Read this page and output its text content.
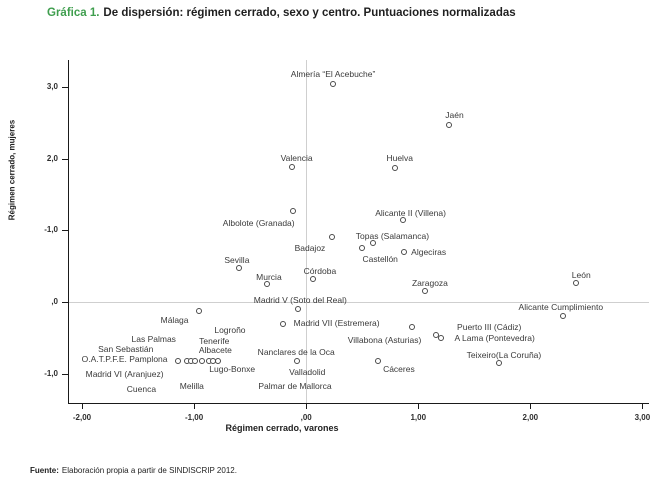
Gráfica 1. De dispersión: régimen cerrado, sexo y centro. Puntuaciones normalizadas
Régimen cerrado, mujeres
Régimen cerrado, varones
Fuente: Elaboración propia a partir de SINDISCRIP 2012.
-2,00	-1,00	,00	1,00	2,00	3,00
3,0
2,0
-1,0
,0
-1,0
Almería “El Acebuche”
Jaén
Valencia	Huelva
Albolote (Granada)
Alicante II (Villena)
Badajoz
Topas (Salamanca)
Castellón
Algeciras
Sevilla
Murcia
Córdoba
Zaragoza
León
Madrid V (Soto del Real)
Málaga	Madrid VII (Estremera)
Alicante Cumplimiento
Villabona (Asturias)
Puerto III (Cádiz)
A Lama (Pontevedra)
Nanclares de la Oca
Cáceres
Teixeiro(La Coruña)
Logroño
Las Palmas	Tenerife
San Sebastián	Albacete
O.A.T.P.F.E. Pamplona
Madrid VI (Aranjuez)
Lugo-Bonxe
Cuenca	Melilla
Valladolid
Palmar de Mallorca
